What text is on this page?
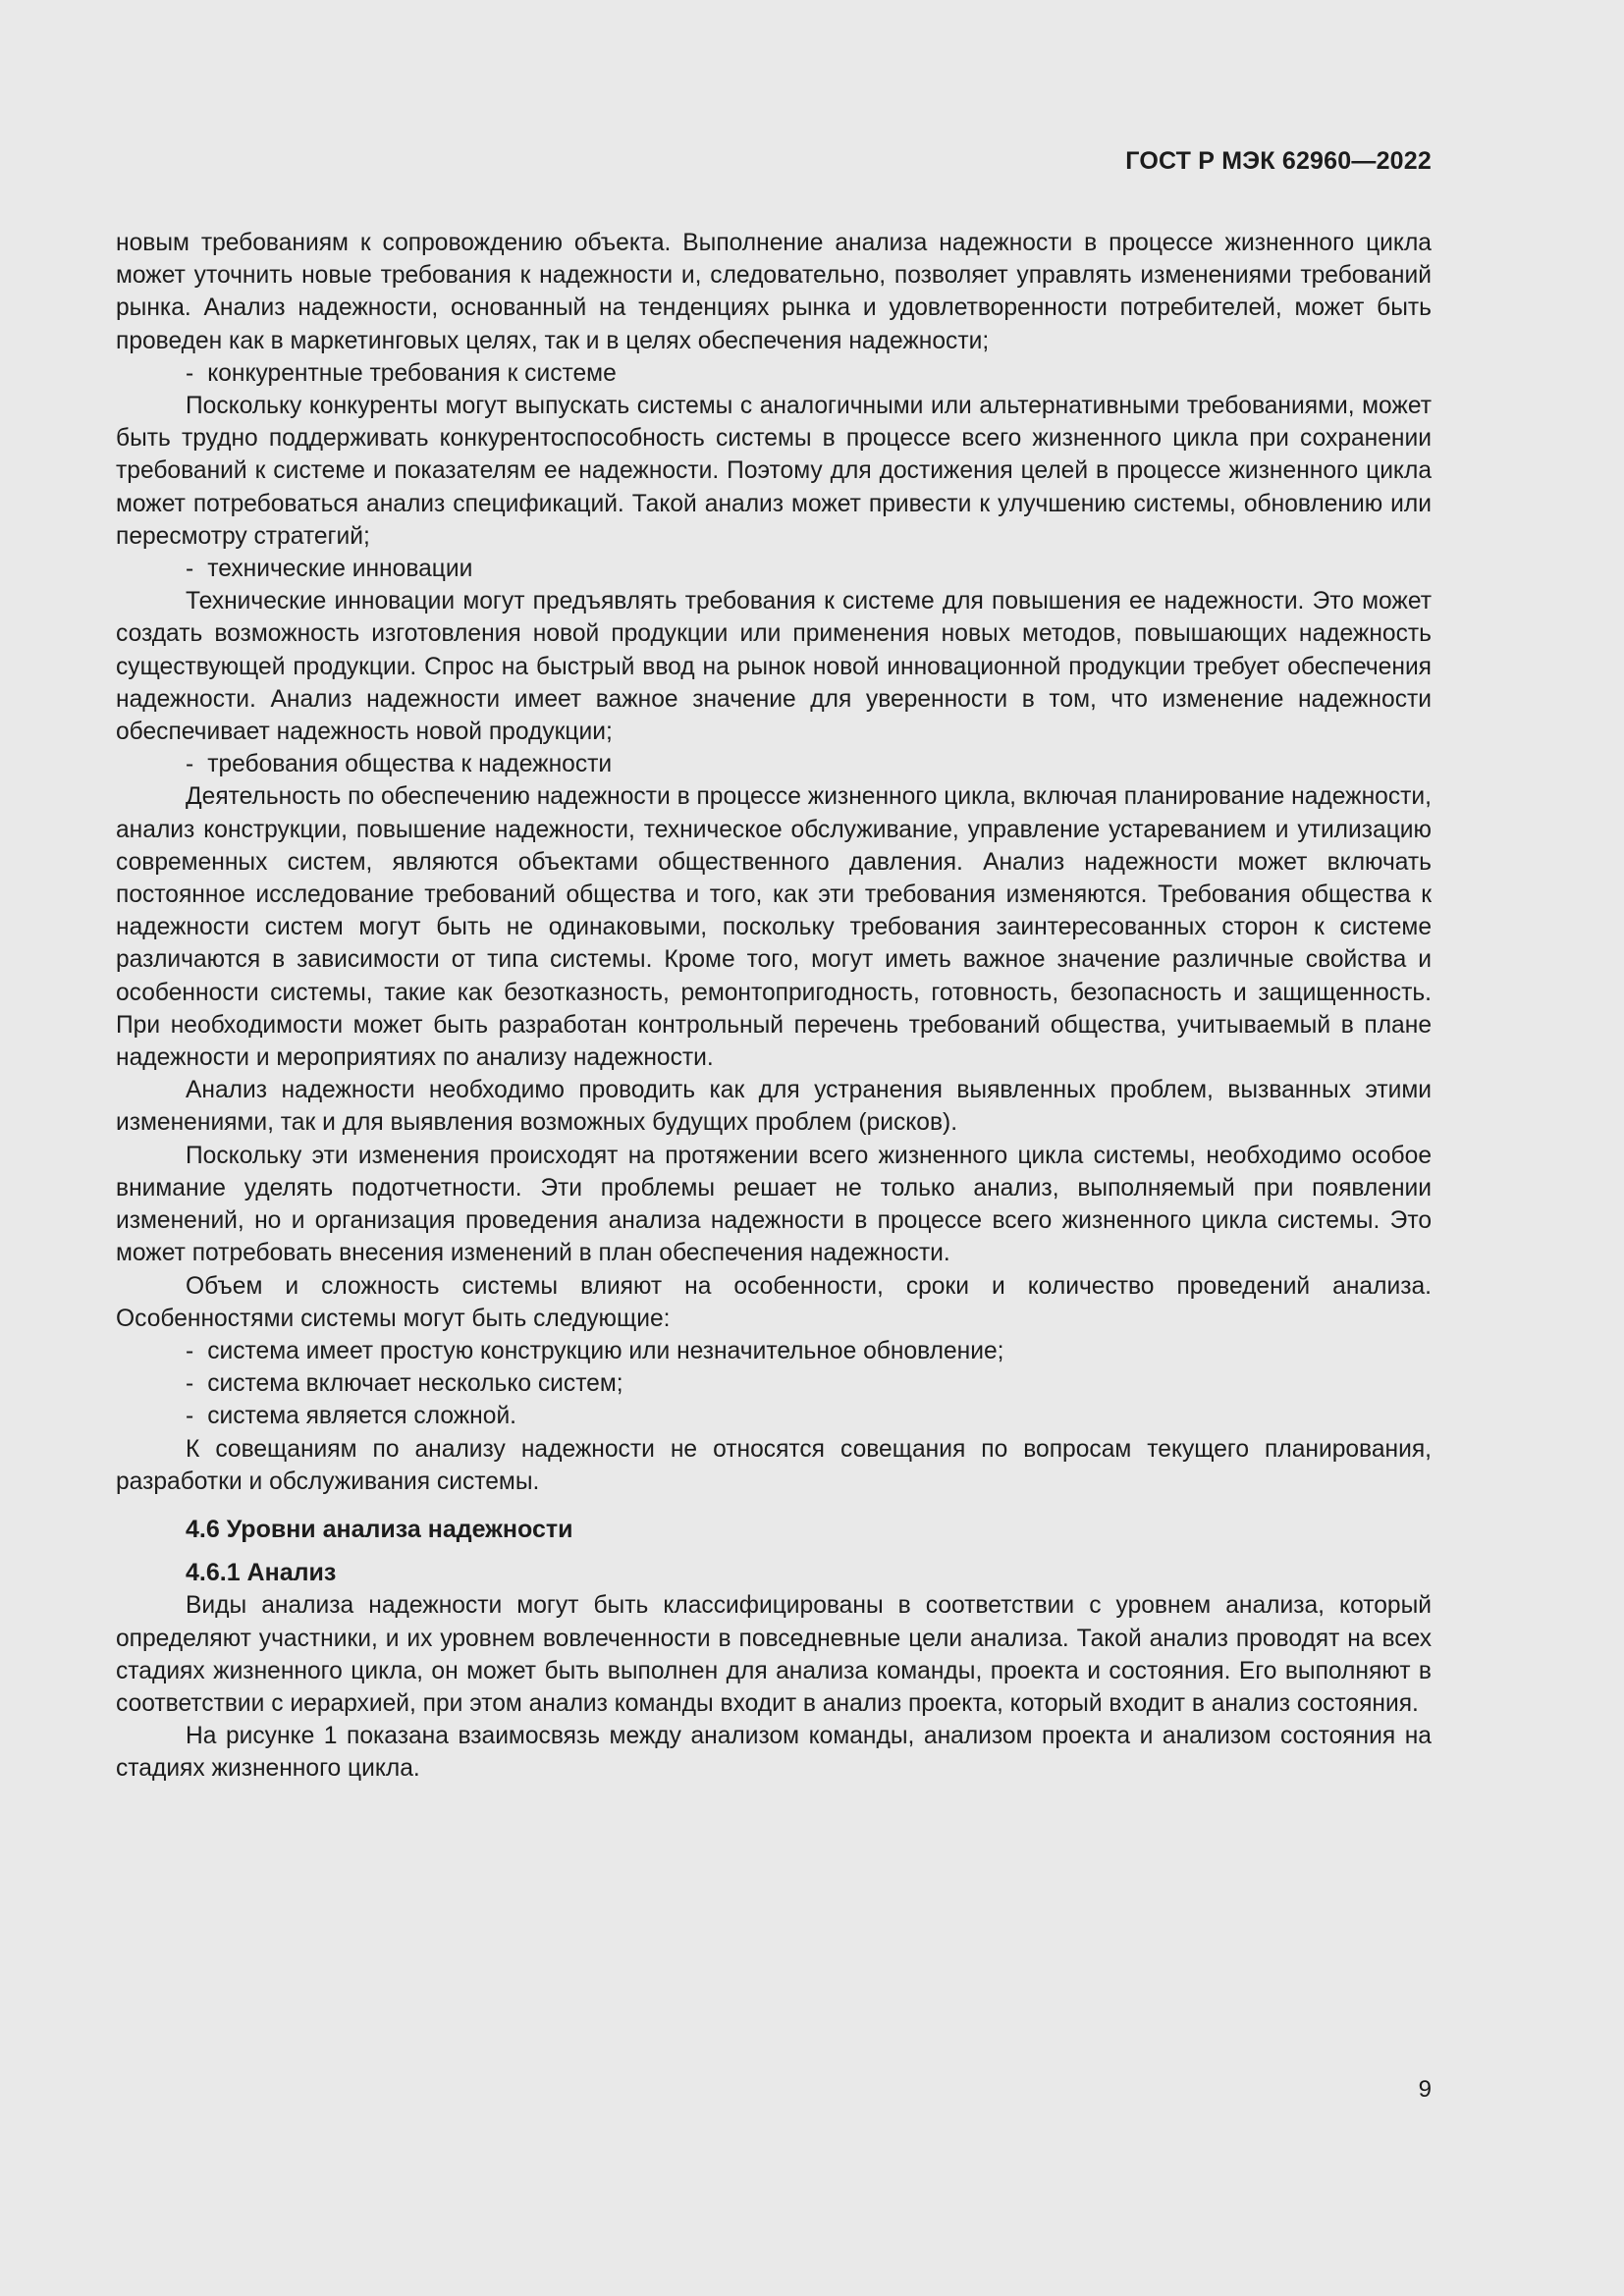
ГОСТ Р МЭК 62960—2022

новым требованиям к сопровождению объекта. Выполнение анализа надежности в процессе жизненного цикла может уточнить новые требования к надежности и, следовательно, позволяет управлять изменениями требований рынка. Анализ надежности, основанный на тенденциях рынка и удовлетворенности потребителей, может быть проведен как в маркетинговых целях, так и в целях обеспечения надежности;

- конкурентные требования к системе

Поскольку конкуренты могут выпускать системы с аналогичными или альтернативными требованиями, может быть трудно поддерживать конкурентоспособность системы в процессе всего жизненного цикла при сохранении требований к системе и показателям ее надежности. Поэтому для достижения целей в процессе жизненного цикла может потребоваться анализ спецификаций. Такой анализ может привести к улучшению системы, обновлению или пересмотру стратегий;

- технические инновации

Технические инновации могут предъявлять требования к системе для повышения ее надежности. Это может создать возможность изготовления новой продукции или применения новых методов, повышающих надежность существующей продукции. Спрос на быстрый ввод на рынок новой инновационной продукции требует обеспечения надежности. Анализ надежности имеет важное значение для уверенности в том, что изменение надежности обеспечивает надежность новой продукции;

- требования общества к надежности

Деятельность по обеспечению надежности в процессе жизненного цикла, включая планирование надежности, анализ конструкции, повышение надежности, техническое обслуживание, управление устареванием и утилизацию современных систем, являются объектами общественного давления. Анализ надежности может включать постоянное исследование требований общества и того, как эти требования изменяются. Требования общества к надежности систем могут быть не одинаковыми, поскольку требования заинтересованных сторон к системе различаются в зависимости от типа системы. Кроме того, могут иметь важное значение различные свойства и особенности системы, такие как безотказность, ремонтопригодность, готовность, безопасность и защищенность. При необходимости может быть разработан контрольный перечень требований общества, учитываемый в плане надежности и мероприятиях по анализу надежности.

Анализ надежности необходимо проводить как для устранения выявленных проблем, вызванных этими изменениями, так и для выявления возможных будущих проблем (рисков).

Поскольку эти изменения происходят на протяжении всего жизненного цикла системы, необходимо особое внимание уделять подотчетности. Эти проблемы решает не только анализ, выполняемый при появлении изменений, но и организация проведения анализа надежности в процессе всего жизненного цикла системы. Это может потребовать внесения изменений в план обеспечения надежности.

Объем и сложность системы влияют на особенности, сроки и количество проведений анализа. Особенностями системы могут быть следующие:

- система имеет простую конструкцию или незначительное обновление;

- система включает несколько систем;

- система является сложной.

К совещаниям по анализу надежности не относятся совещания по вопросам текущего планирования, разработки и обслуживания системы.

4.6 Уровни анализа надежности

4.6.1 Анализ

Виды анализа надежности могут быть классифицированы в соответствии с уровнем анализа, который определяют участники, и их уровнем вовлеченности в повседневные цели анализа. Такой анализ проводят на всех стадиях жизненного цикла, он может быть выполнен для анализа команды, проекта и состояния. Его выполняют в соответствии с иерархией, при этом анализ команды входит в анализ проекта, который входит в анализ состояния.

На рисунке 1 показана взаимосвязь между анализом команды, анализом проекта и анализом состояния на стадиях жизненного цикла.

9
